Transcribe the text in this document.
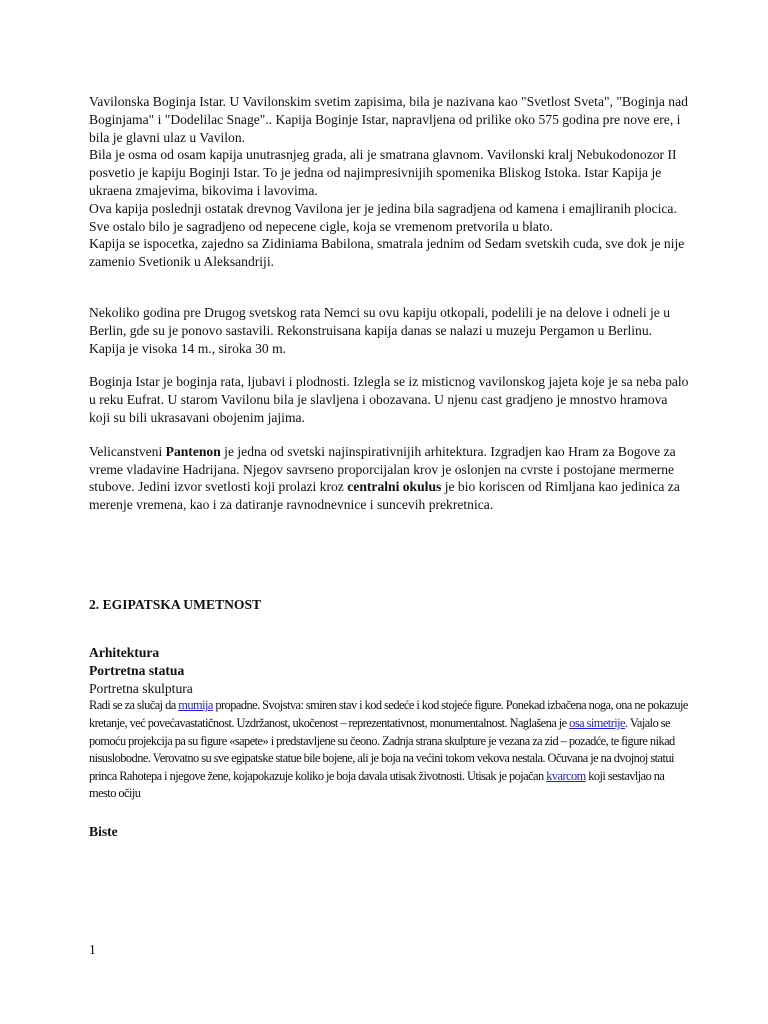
Vavilonska Boginja Istar. U Vavilonskim svetim zapisima, bila je nazivana kao "Svetlost Sveta", "Boginja nad Boginjama" i "Dodelilac Snage".. Kapija Boginje Istar, napravljena od prilike oko 575 godina pre nove ere, i bila je glavni ulaz u Vavilon.

Bila je osma od osam kapija unutrasnjeg grada, ali je smatrana glavnom. Vavilonski kralj Nebukodonozor II posvetio je kapiju Boginji Istar. To je jedna od najimpresivnijih spomenika Bliskog Istoka. Istar Kapija je ukraena zmajevima, bikovima i lavovima.

Ova kapija poslednji ostatak drevnog Vavilona jer je jedina bila sagradjena od kamena i emajliranih plocica. Sve ostalo bilo je sagradjeno od nepecene cigle, koja se vremenom pretvorila u blato.

Kapija se ispocetka, zajedno sa Zidiniama Babilona, smatrala jednim od Sedam svetskih cuda, sve dok je nije zamenio Svetionik u Aleksandriji.

Nekoliko godina pre Drugog svetskog rata Nemci su ovu kapiju otkopali, podelili je na delove i odneli je u Berlin, gde su je ponovo sastavili. Rekonstruisana kapija danas se nalazi u muzeju Pergamon u Berlinu. Kapija je visoka 14 m., siroka 30 m.

Boginja Istar je boginja rata, ljubavi i plodnosti. Izlegla se iz misticnog vavilonskog jajeta koje je sa neba palo u reku Eufrat. U starom Vavilonu bila je slavljena i obozavana. U njenu cast gradjeno je mnostvo hramova koji su bili ukrasavani obojenim jajima.

Velicanstveni Pantenon je jedna od svetski najinspirativnijih arhitektura. Izgradjen kao Hram za Bogove za vreme vladavine Hadrijana. Njegov savrseno proporcijalan krov je oslonjen na cvrste i postojane mermerne stubove. Jedini izvor svetlosti koji prolazi kroz centralni okulus je bio koriscen od Rimljana kao jedinica za merenje vremena, kao i za datiranje ravnodnevnice i suncevih prekretnica.

2. EGIPATSKA UMETNOST

Arhitektura

Portretna statua

Portretna skulptura

Radi se za slučaj da mumija propadne. Svojstva: smiren stav i kod sedeće i kod stojeće figure. Ponekad izbačena noga, ona ne pokazuje kretanje, već povećavastatičnost. Uzdržanost, ukočenost – reprezentativnost, monumentalnost. Naglašena je osa simetrije. Vajalo se pomoću projekcija pa su figure «sapete» i predstavljene su čeono. Zadnja strana skulpture je vezana za zid – pozadće, te figure nikad nisuslobodne. Verovatno su sve egipatske statue bile bojene, ali je boja na većini tokom vekova nestala. Očuvana je na dvojnoj statui princa Rahotepa i njegove žene, kojapokazuje koliko je boja davala utisak životnosti. Utisak je pojačan kvarcom koji sestavljao na mesto očiju

Biste

1
